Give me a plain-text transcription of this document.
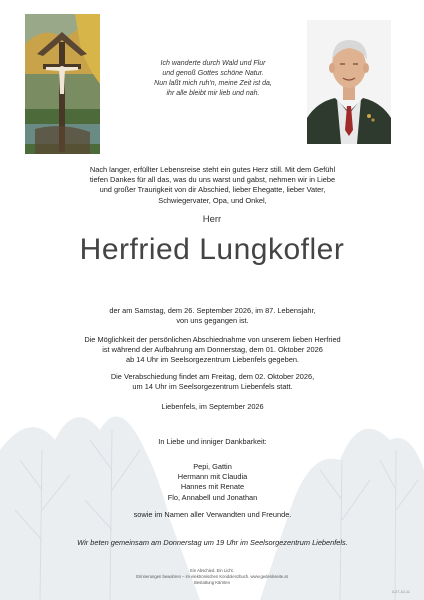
Ich wanderte durch Wald und Flur
und genoß Gottes schöne Natur.
Nun laßt mich ruh'n, meine Zeit ist da,
ihr alle bleibt mir lieb und nah.
Nach langer, erfüllter Lebensreise steht ein gutes Herz still. Mit dem Gefühl
tiefen Dankes für all das, was du uns warst und gabst, nehmen wir in Liebe
und großer Traurigkeit von dir Abschied, lieber Ehegatte, lieber Vater,
Schwiegervater, Opa, und Onkel,
Herr
Herfried Lungkofler
der am Samstag, dem 26. September 2026, im 87. Lebensjahr,
von uns gegangen ist.
Die Möglichkeit der persönlichen Abschiednahme von unserem lieben Herfried
ist während der Aufbahrung am Donnerstag, dem 01. Oktober 2026
ab 14 Uhr im Seelsorgezentrum Liebenfels gegeben.
Die Verabschiedung findet am Freitag, dem 02. Oktober 2026,
um 14 Uhr im Seelsorgezentrum Liebenfels statt.
Liebenfels, im September 2026
In Liebe und inniger Dankbarkeit:
Pepi, Gattin
Hermann mit Claudia
Hannes mit Renate
Flo, Annabell und Jonathan
sowie im Namen aller Verwandten und Freunde.
Wir beten gemeinsam am Donnerstag um 19 Uhr im Seelsorgezentrum Liebenfels.
Ein Abschied. Ein Licht.
Erinnerungen bewahren – im elektronischen Kondolenzbuch. www.gedenkseite.at
Bestattung Kärnten
0-27-10-11
